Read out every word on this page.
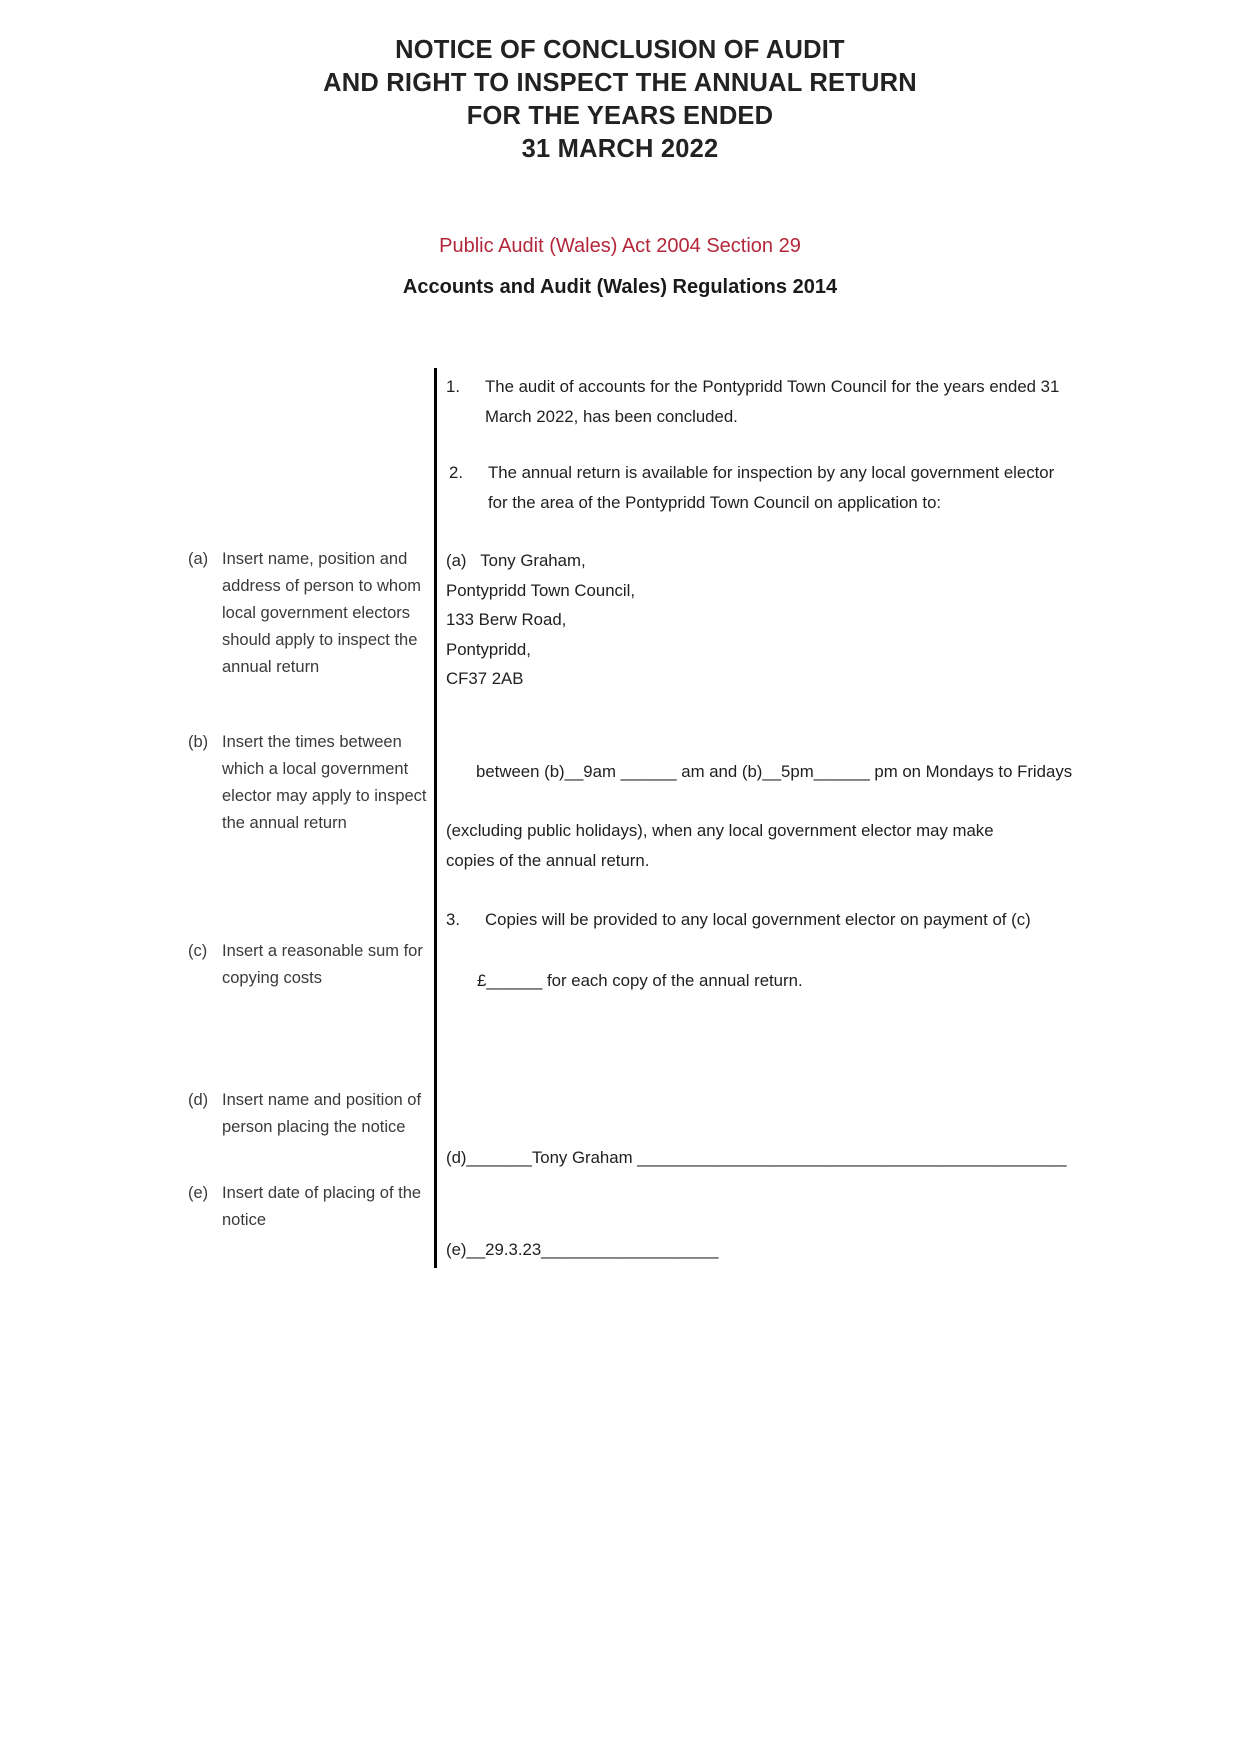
NOTICE OF CONCLUSION OF AUDIT
AND RIGHT TO INSPECT THE ANNUAL RETURN
FOR THE YEARS ENDED
31 MARCH 2022
Public Audit (Wales) Act 2004 Section 29
Accounts and Audit (Wales) Regulations 2014
(a) Insert name, position and address of person to whom local government electors should apply to inspect the annual return
(b) Insert the times between which a local government elector may apply to inspect the annual return
(c) Insert a reasonable sum for copying costs
(d) Insert name and position of person placing the notice
(e) Insert date of placing of the notice
1. The audit of accounts for the Pontypridd Town Council for the years ended 31 March 2022, has been concluded.
2. The annual return is available for inspection by any local government elector for the area of the Pontypridd Town Council on application to:
(a) Tony Graham,
Pontypridd Town Council,
133 Berw Road,
Pontypridd,
CF37 2AB
between (b)__9am ______ am and (b)__5pm______ pm on Mondays to Fridays
(excluding public holidays), when any local government elector may make copies of the annual return.
3. Copies will be provided to any local government elector on payment of (c)
£______ for each copy of the annual return.
(d)_______Tony Graham ______________________________________________
(e)__29.3.23___________________
